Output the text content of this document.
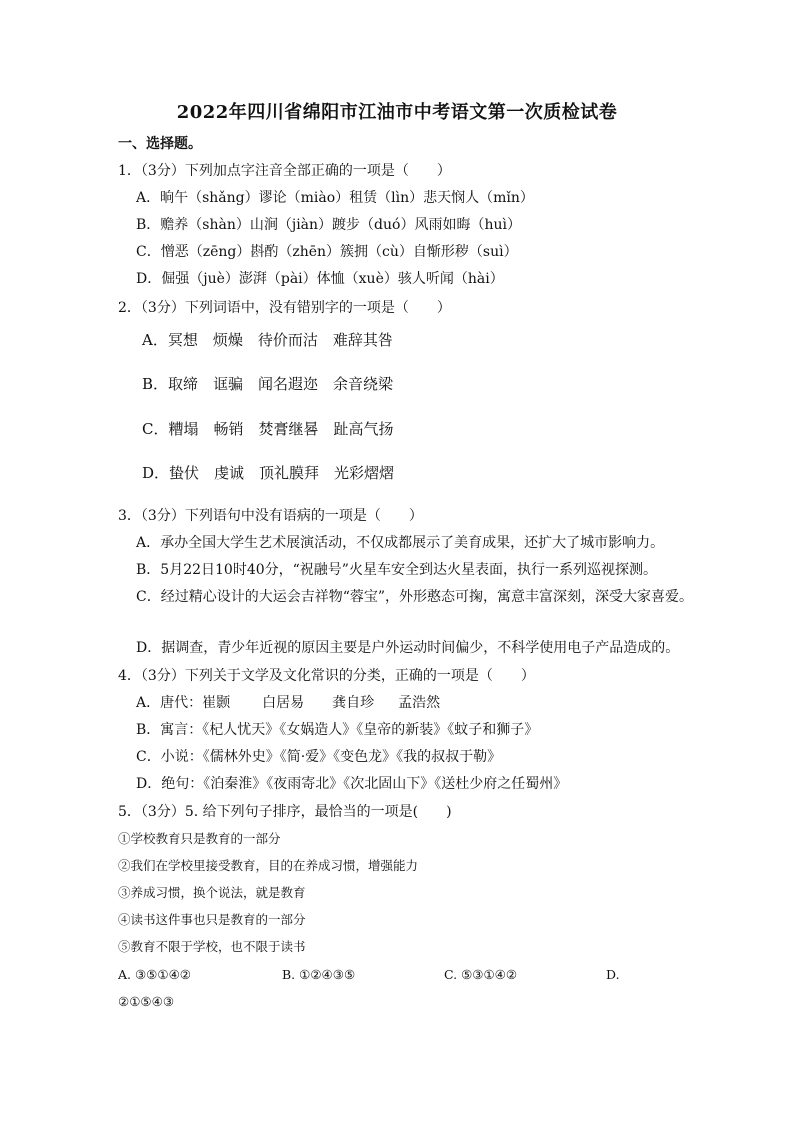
2022年四川省绵阳市江油市中考语文第一次质检试卷
一、选择题。
1．（3分）下列加点字注音全部正确的一项是（　　）
A．晌午（shǎng）谬论（miào）租赁（lìn）悲天悯人（mǐn）
B．赡养（shàn）山涧（jiàn）踱步（duó）风雨如晦（huì）
C．憎恶（zēng）斟酌（zhēn）簇拥（cù）自惭形秽（suì）
D．倔强（juè）澎湃（pài）体恤（xuè）骇人听闻（hài）
2．（3分）下列词语中，没有错别字的一项是（　　）
A．冥想　烦燥　待价而沽　难辞其咎
B．取缔　诓骗　闻名遐迩　余音绕梁
C．糟塌　畅销　焚膏继晷　趾高气扬
D．蛰伏　虔诚　顶礼膜拜　光彩熠熠
3．（3分）下列语句中没有语病的一项是（　　）
A．承办全国大学生艺术展演活动，不仅成都展示了美育成果，还扩大了城市影响力。
B．5月22日10时40分，“祝融号”火星车安全到达火星表面，执行一系列巡视探测。
C．经过精心设计的大运会吉祥物“蓉宝”，外形憨态可掬，寓意丰富深刻，深受大家喜爱。
D．据调查，青少年近视的原因主要是户外运动时间偏少，不科学使用电子产品造成的。
4．（3分）下列关于文学及文化常识的分类，正确的一项是（　　）
A．唐代：崔颢 白居易 龚自珍 孟浩然
B．寓言：《杞人忧天》《女娲造人》《皇帝的新装》《蚊子和狮子》
C．小说：《儒林外史》《简·爱》《变色龙》《我的叔叔于勒》
D．绝句：《泊秦淮》《夜雨寄北》《次北固山下》《送杜少府之任蜀州》
5．（3分）5. 给下列句子排序，最恰当的一项是(　　)
①学校教育只是教育的一部分
②我们在学校里接受教育，目的在养成习惯，增强能力
③养成习惯，换个说法，就是教育
④读书这件事也只是教育的一部分
⑤教育不限于学校，也不限于读书
A. ③⑤①④②	B. ①②④③⑤	C. ⑤③①④②	D.
②①⑤④③
